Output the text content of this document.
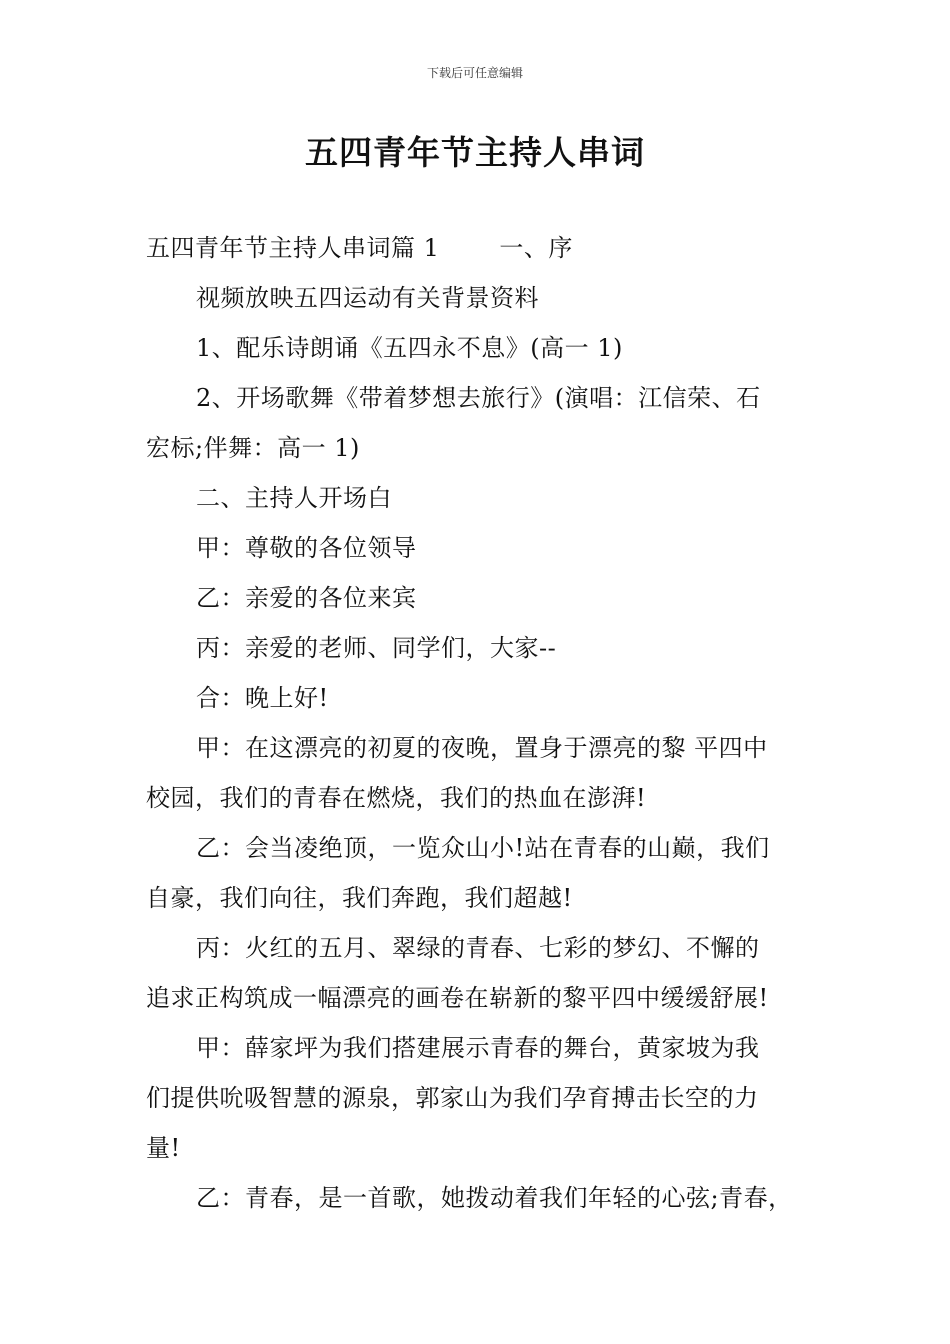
下载后可任意编辑
五四青年节主持人串词
五四青年节主持人串词篇 1	一、序
视频放映五四运动有关背景资料
1、配乐诗朗诵《五四永不息》(高一 1)
2、开场歌舞《带着梦想去旅行》(演唱：江信荣、石
宏标;伴舞：高一 1)
二、主持人开场白
甲：尊敬的各位领导
乙：亲爱的各位来宾
丙：亲爱的老师、同学们，大家--
合：晚上好!
甲：在这漂亮的初夏的夜晚，置身于漂亮的黎 平四中
校园，我们的青春在燃烧，我们的热血在澎湃!
乙：会当凌绝顶，一览众山小!站在青春的山巅，我们
自豪，我们向往，我们奔跑，我们超越!
丙：火红的五月、翠绿的青春、七彩的梦幻、不懈的
追求正构筑成一幅漂亮的画卷在崭新的黎平四中缓缓舒展!
甲：薛家坪为我们搭建展示青春的舞台，黄家坡为我
们提供吮吸智慧的源泉，郭家山为我们孕育搏击长空的力
量!
乙：青春，是一首歌，她拨动着我们年轻的心弦;青春，
